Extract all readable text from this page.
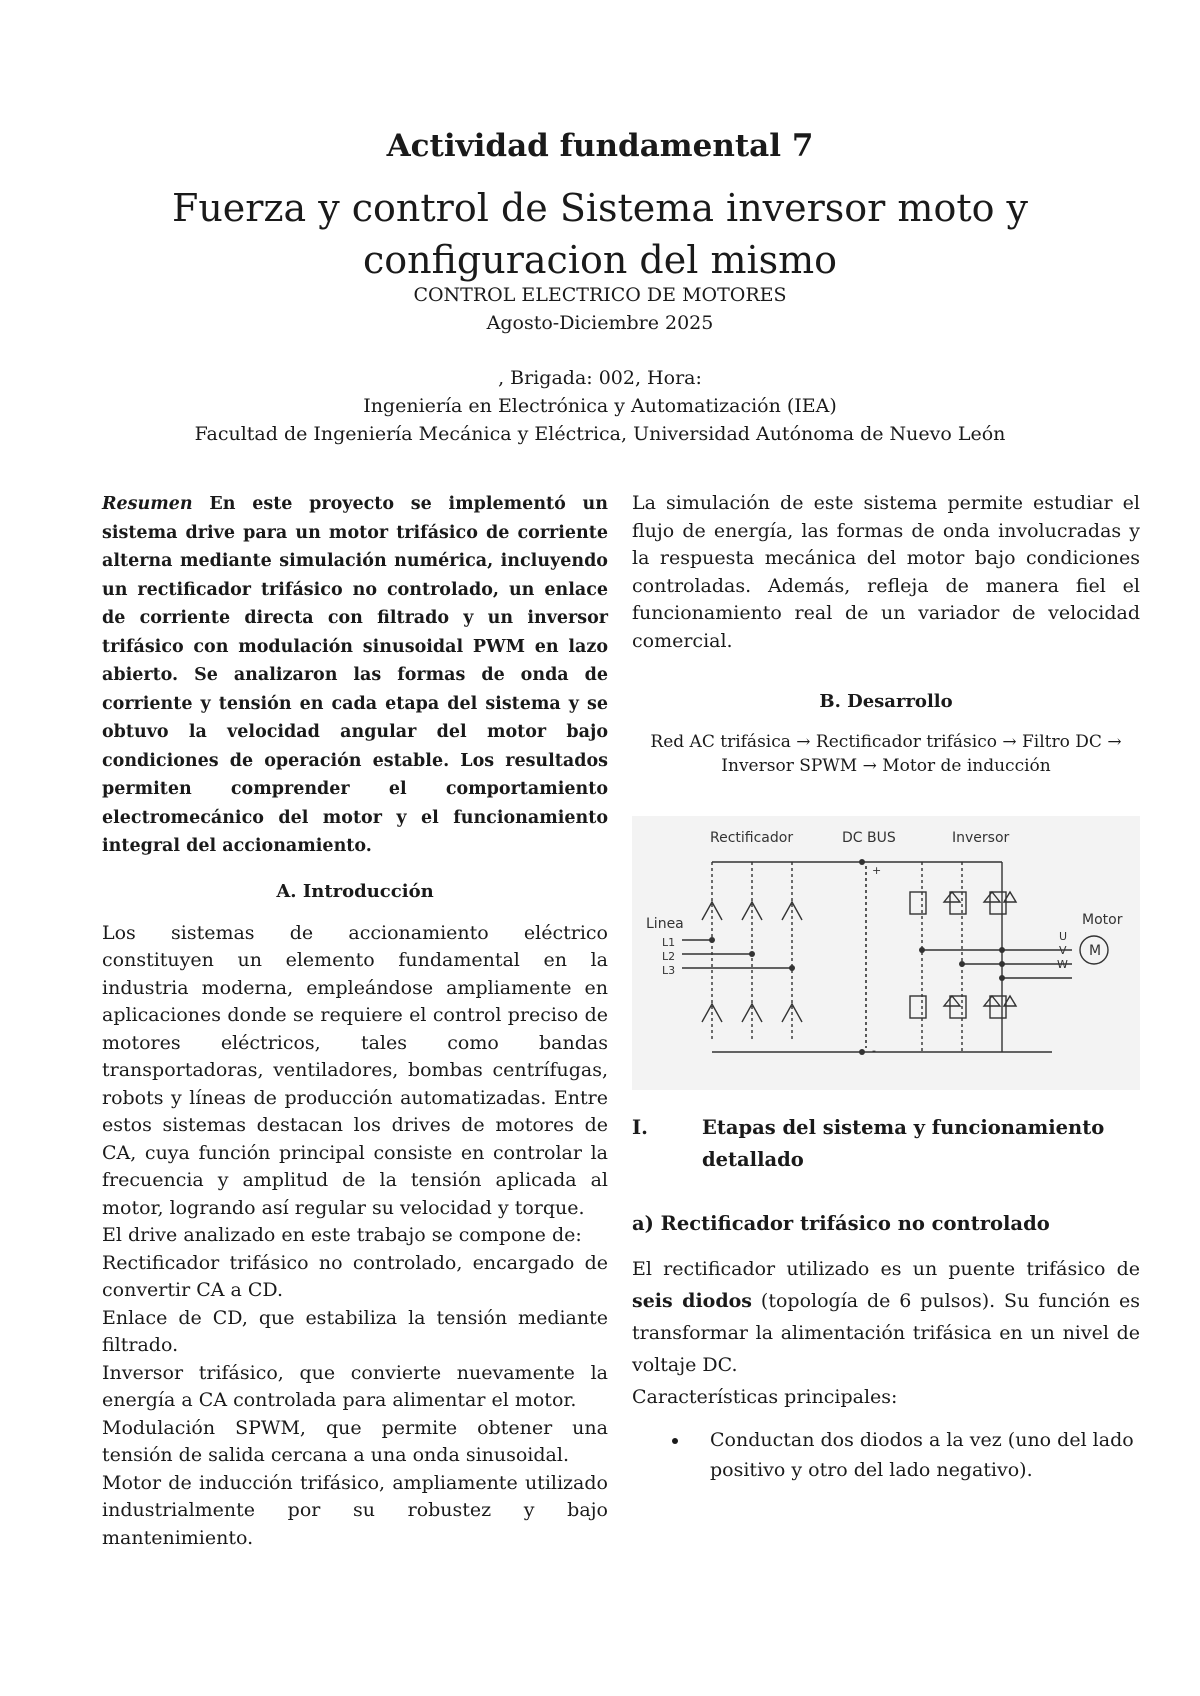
Actividad fundamental 7
Fuerza y control de Sistema inversor moto y
configuracion del mismo
CONTROL ELECTRICO DE MOTORES
Agosto-Diciembre 2025
, Brigada: 002, Hora:
Ingeniería en Electrónica y Automatización (IEA)
Facultad de Ingeniería Mecánica y Eléctrica, Universidad Autónoma de Nuevo León

Resumen En este proyecto se implementó un sistema drive para un motor trifásico de corriente alterna mediante simulación numérica, incluyendo un rectificador trifásico no controlado, un enlace de corriente directa con filtrado y un inversor trifásico con modulación sinusoidal PWM en lazo abierto. Se analizaron las formas de onda de corriente y tensión en cada etapa del sistema y se obtuvo la velocidad angular del motor bajo condiciones de operación estable. Los resultados permiten comprender el comportamiento electromecánico del motor y el funcionamiento integral del accionamiento.

A. Introducción

Los sistemas de accionamiento eléctrico constituyen un elemento fundamental en la industria moderna, empleándose ampliamente en aplicaciones donde se requiere el control preciso de motores eléctricos, tales como bandas transportadoras, ventiladores, bombas centrífugas, robots y líneas de producción automatizadas. Entre estos sistemas destacan los drives de motores de CA, cuya función principal consiste en controlar la frecuencia y amplitud de la tensión aplicada al motor, logrando así regular su velocidad y torque.

El drive analizado en este trabajo se compone de:

Rectificador trifásico no controlado, encargado de convertir CA a CD.

Enlace de CD, que estabiliza la tensión mediante filtrado.

Inversor trifásico, que convierte nuevamente la energía a CA controlada para alimentar el motor.

Modulación SPWM, que permite obtener una tensión de salida cercana a una onda sinusoidal.

Motor de inducción trifásico, ampliamente utilizado industrialmente por su robustez y bajo mantenimiento.

La simulación de este sistema permite estudiar el flujo de energía, las formas de onda involucradas y la respuesta mecánica del motor bajo condiciones controladas. Además, refleja de manera fiel el funcionamiento real de un variador de velocidad comercial.

B. Desarrollo

Red AC trifásica → Rectificador trifásico → Filtro DC →

Inversor SPWM → Motor de inducción

Rectificador	DC BUS	Inversor
Linea	Motor
L1
L2
L3
U
V
W
+
-
M
I.	Etapas del sistema y funcionamiento detallado

a) Rectificador trifásico no controlado

El rectificador utilizado es un puente trifásico de seis diodos (topología de 6 pulsos). Su función es transformar la alimentación trifásica en un nivel de voltaje DC.

Características principales:

Conductan dos diodos a la vez (uno del lado positivo y otro del lado negativo).
